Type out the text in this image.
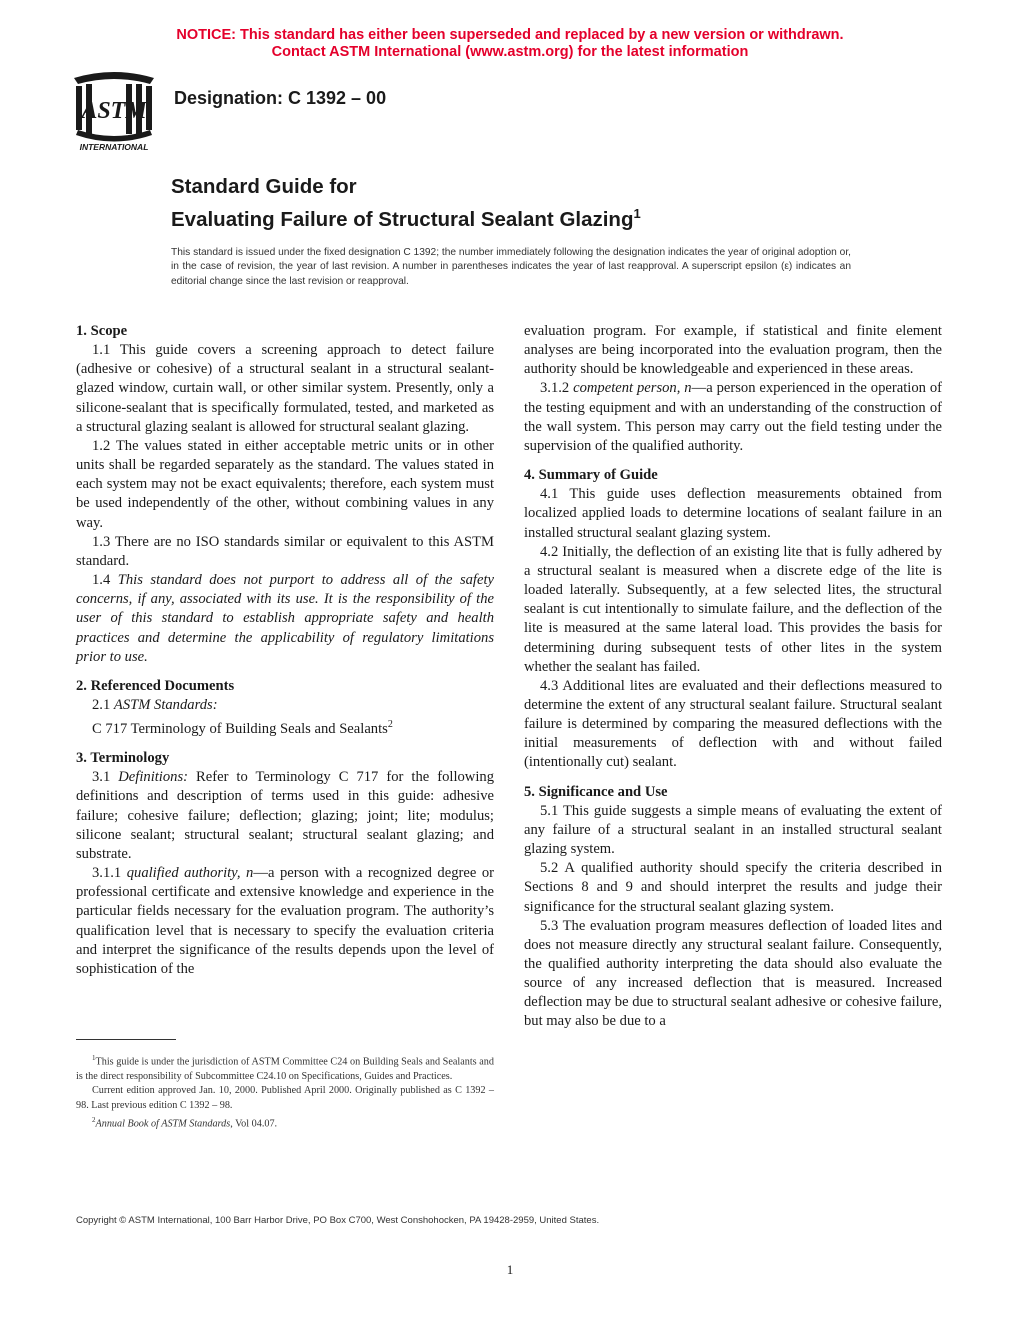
NOTICE: This standard has either been superseded and replaced by a new version or withdrawn.
Contact ASTM International (www.astm.org) for the latest information
ASTM
INTERNATIONAL
Designation: C 1392 – 00
Standard Guide for
Evaluating Failure of Structural Sealant Glazing$^1$

This standard is issued under the fixed designation C 1392; the number immediately following the designation indicates the year of original adoption or, in the case of revision, the year of last revision. A number in parentheses indicates the year of last reapproval. A superscript epsilon (ε) indicates an editorial change since the last revision or reapproval.

1. Scope

1.1 This guide covers a screening approach to detect failure (adhesive or cohesive) of a structural sealant in a structural sealant-glazed window, curtain wall, or other similar system. Presently, only a silicone-sealant that is specifically formulated, tested, and marketed as a structural glazing sealant is allowed for structural sealant glazing.

1.2 The values stated in either acceptable metric units or in other units shall be regarded separately as the standard. The values stated in each system may not be exact equivalents; therefore, each system must be used independently of the other, without combining values in any way.

1.3 There are no ISO standards similar or equivalent to this ASTM standard.

1.4 This standard does not purport to address all of the safety concerns, if any, associated with its use. It is the responsibility of the user of this standard to establish appropriate safety and health practices and determine the applicability of regulatory limitations prior to use.

2. Referenced Documents

2.1 ASTM Standards:

C 717 Terminology of Building Seals and Sealants$^2$

3. Terminology

3.1 Definitions: Refer to Terminology C 717 for the following definitions and description of terms used in this guide: adhesive failure; cohesive failure; deflection; glazing; joint; lite; modulus; silicone sealant; structural sealant; structural sealant glazing; and substrate.

3.1.1 qualified authority, n—a person with a recognized degree or professional certificate and extensive knowledge and experience in the particular fields necessary for the evaluation program. The authority’s qualification level that is necessary to specify the evaluation criteria and interpret the significance of the results depends upon the level of sophistication of the

evaluation program. For example, if statistical and finite element analyses are being incorporated into the evaluation program, then the authority should be knowledgeable and experienced in these areas.

3.1.2 competent person, n—a person experienced in the operation of the testing equipment and with an understanding of the construction of the wall system. This person may carry out the field testing under the supervision of the qualified authority.

4. Summary of Guide

4.1 This guide uses deflection measurements obtained from localized applied loads to determine locations of sealant failure in an installed structural sealant glazing system.

4.2 Initially, the deflection of an existing lite that is fully adhered by a structural sealant is measured when a discrete edge of the lite is loaded laterally. Subsequently, at a few selected lites, the structural sealant is cut intentionally to simulate failure, and the deflection of the lite is measured at the same lateral load. This provides the basis for determining during subsequent tests of other lites in the system whether the sealant has failed.

4.3 Additional lites are evaluated and their deflections measured to determine the extent of any structural sealant failure. Structural sealant failure is determined by comparing the measured deflections with the initial measurements of deflection with and without failed (intentionally cut) sealant.

5. Significance and Use

5.1 This guide suggests a simple means of evaluating the extent of any failure of a structural sealant in an installed structural sealant glazing system.

5.2 A qualified authority should specify the criteria described in Sections 8 and 9 and should interpret the results and judge their significance for the structural sealant glazing system.

5.3 The evaluation program measures deflection of loaded lites and does not measure directly any structural sealant failure. Consequently, the qualified authority interpreting the data should also evaluate the source of any increased deflection that is measured. Increased deflection may be due to structural sealant adhesive or cohesive failure, but may also be due to a

$^1$This guide is under the jurisdiction of ASTM Committee C24 on Building Seals and Sealants and is the direct responsibility of Subcommittee C24.10 on Specifications, Guides and Practices.

Current edition approved Jan. 10, 2000. Published April 2000. Originally published as C 1392 – 98. Last previous edition C 1392 – 98.

$^2$Annual Book of ASTM Standards, Vol 04.07.

Copyright © ASTM International, 100 Barr Harbor Drive, PO Box C700, West Conshohocken, PA 19428-2959, United States.
1
